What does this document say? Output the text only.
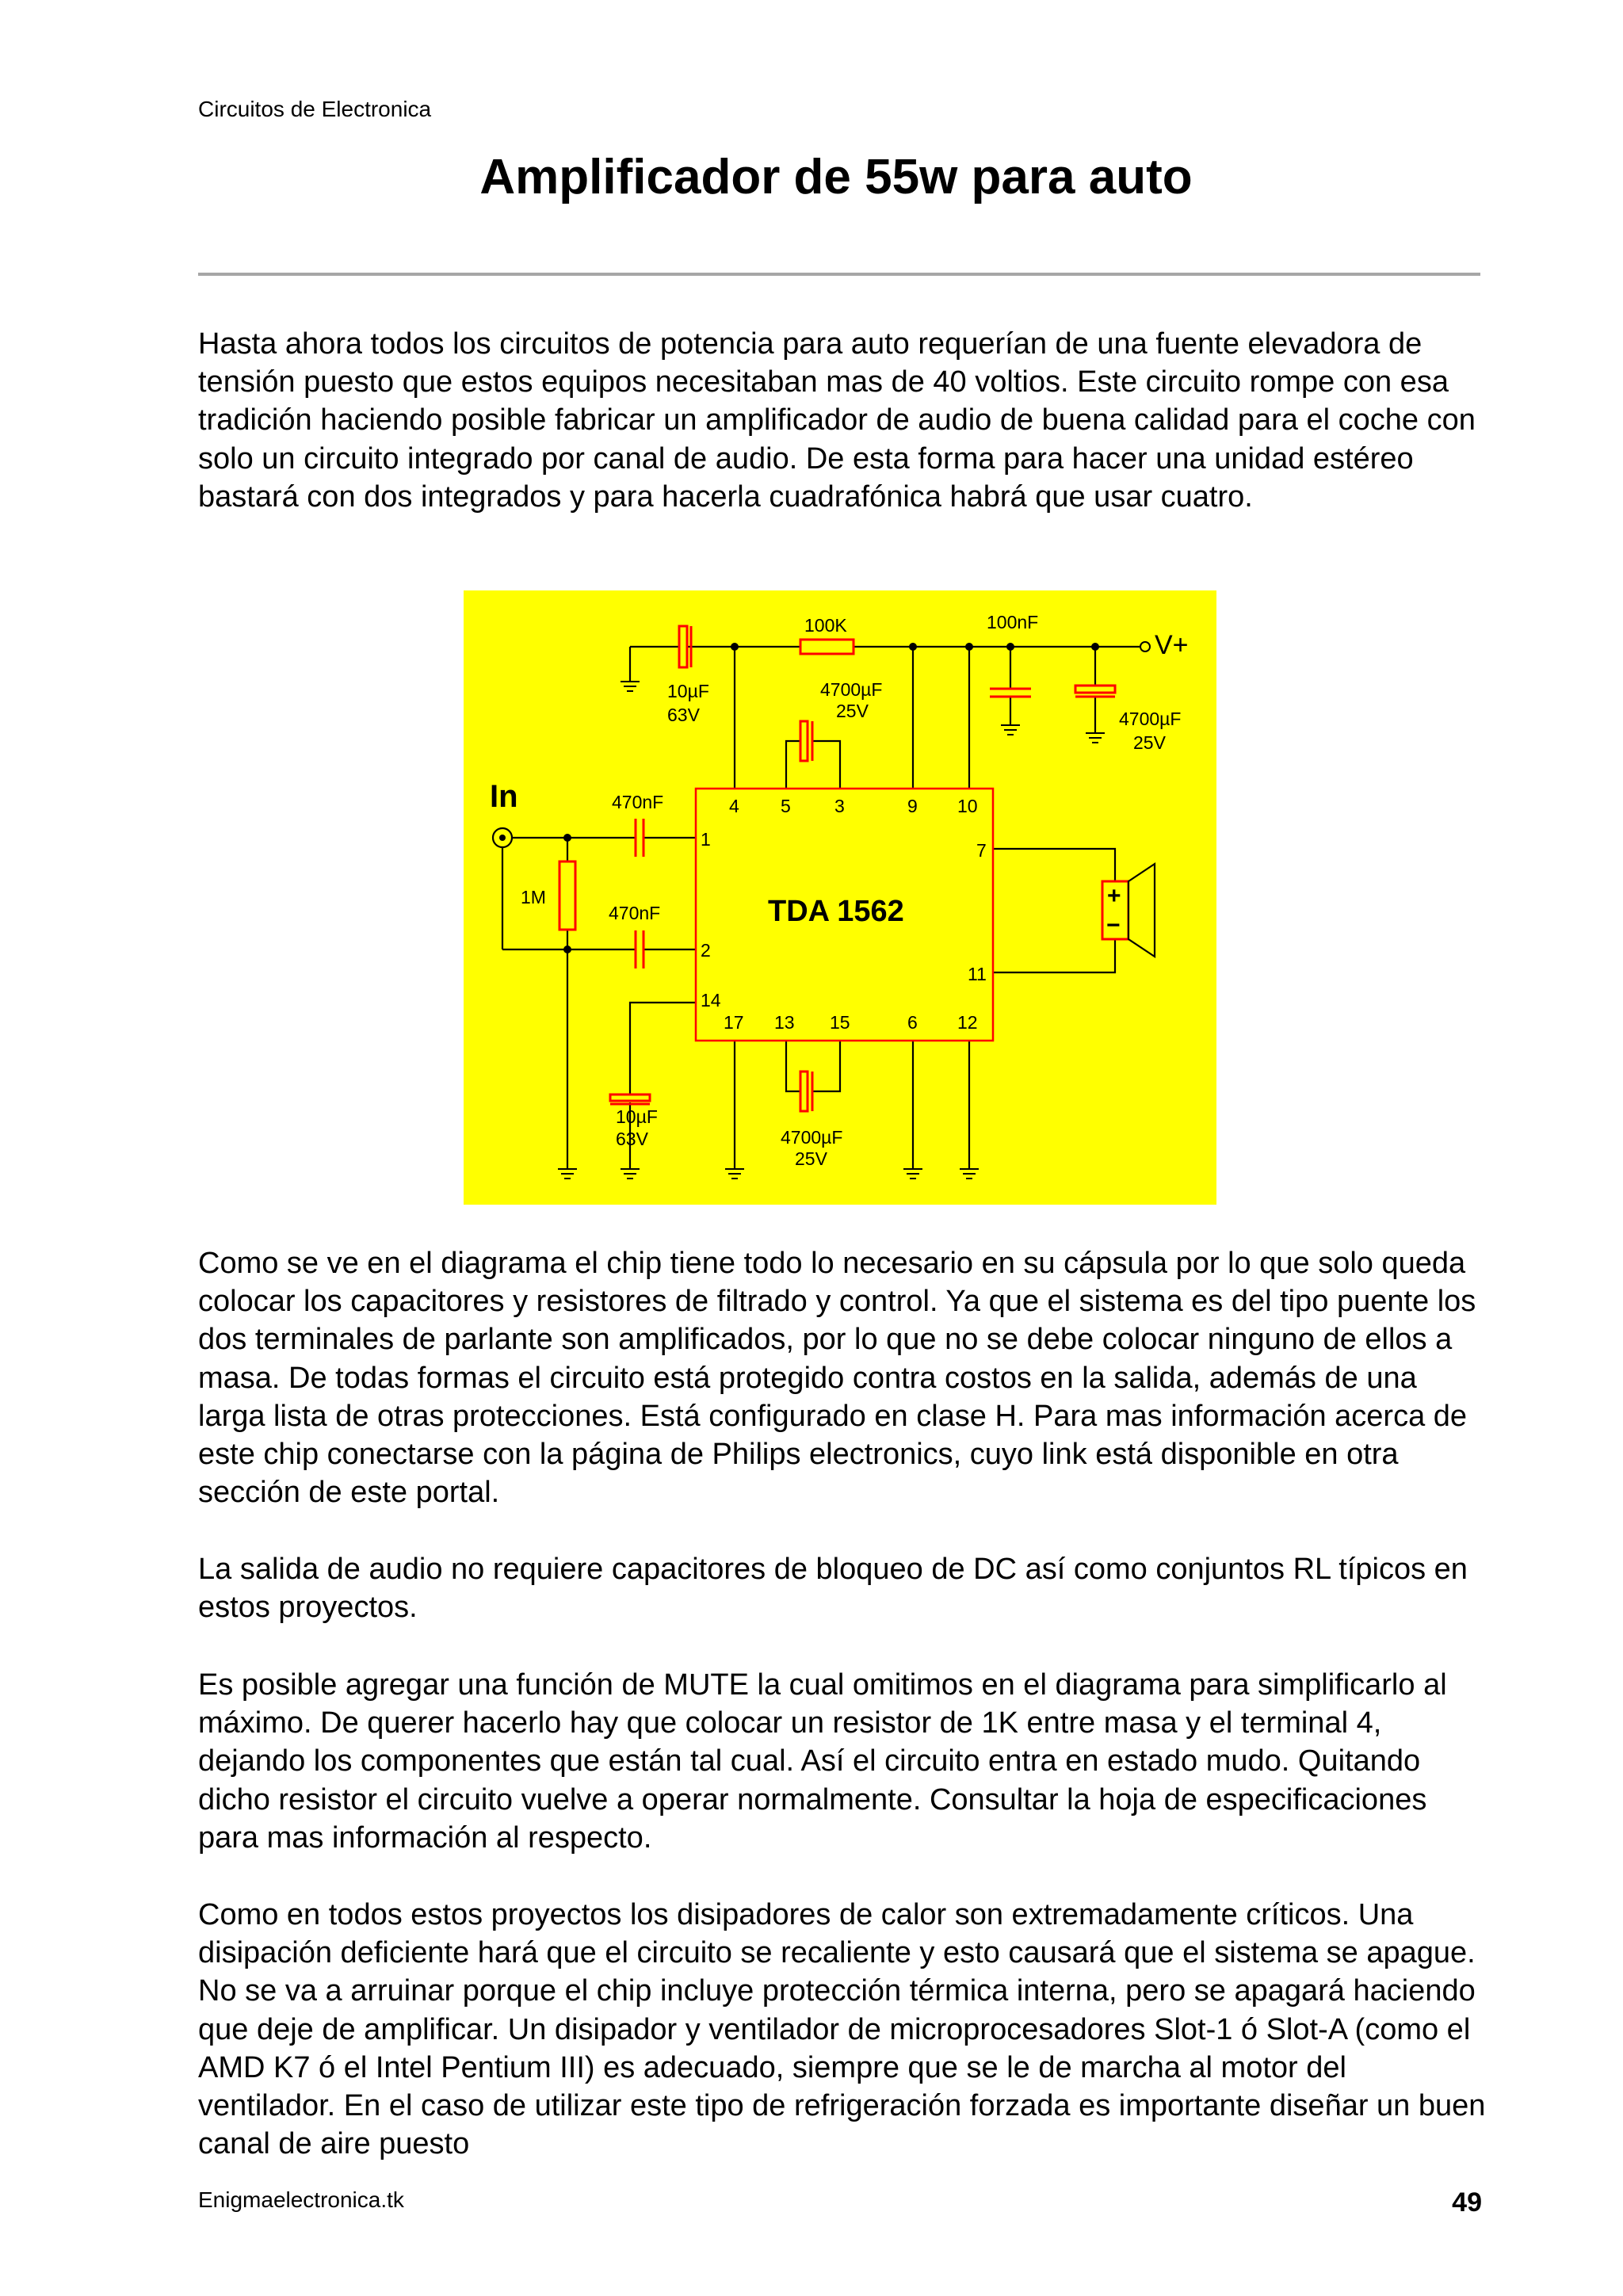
Circuitos de Electronica
Amplificador de 55w para auto

Hasta ahora todos los circuitos de potencia para auto requerían de una fuente elevadora de tensión puesto que estos equipos necesitaban mas de 40 voltios. Este circuito rompe con esa tradición haciendo posible fabricar un amplificador de audio de buena calidad para el coche con solo un circuito integrado por canal de audio. De esta forma para hacer una unidad estéreo bastará con dos integrados y para hacerla cuadrafónica habrá que usar cuatro.

100K	100nF
V+
10µF
63V
4700µF
25V	4700µF
25V
In	470nF
470nF
1M
10µF
63V	4700µF
25V
TDA 1562	+
−
4 5 3	9 10
1
2
7
11
14
17 13 15	6 12

Como se ve en el diagrama el chip tiene todo lo necesario en su cápsula por lo que solo queda colocar los capacitores y resistores de filtrado y control. Ya que el sistema es del tipo puente los dos terminales de parlante son amplificados, por lo que no se debe colocar ninguno de ellos a masa. De todas formas el circuito está protegido contra costos en la salida, además de una larga lista de otras protecciones. Está configurado en clase H. Para mas información acerca de este chip conectarse con la página de Philips electronics, cuyo link está disponible en otra sección de este portal.

La salida de audio no requiere capacitores de bloqueo de DC así como conjuntos RL típicos en estos proyectos.

Es posible agregar una función de MUTE la cual omitimos en el diagrama para simplificarlo al máximo. De querer hacerlo hay que colocar un resistor de 1K entre masa y el terminal 4, dejando los componentes que están tal cual. Así el circuito entra en estado mudo. Quitando dicho resistor el circuito vuelve a operar normalmente. Consultar la hoja de especificaciones para mas información al respecto.

Como en todos estos proyectos los disipadores de calor son extremadamente críticos. Una disipación deficiente hará que el circuito se recaliente y esto causará que el sistema se apague. No se va a arruinar porque el chip incluye protección térmica interna, pero se apagará haciendo que deje de amplificar. Un disipador y ventilador de microprocesadores Slot-1 ó Slot-A (como el AMD K7 ó el Intel Pentium III) es adecuado, siempre que se le de marcha al motor del ventilador. En el caso de utilizar este tipo de refrigeración forzada es importante diseñar un buen canal de aire puesto

Enigmaelectronica.tk	49
